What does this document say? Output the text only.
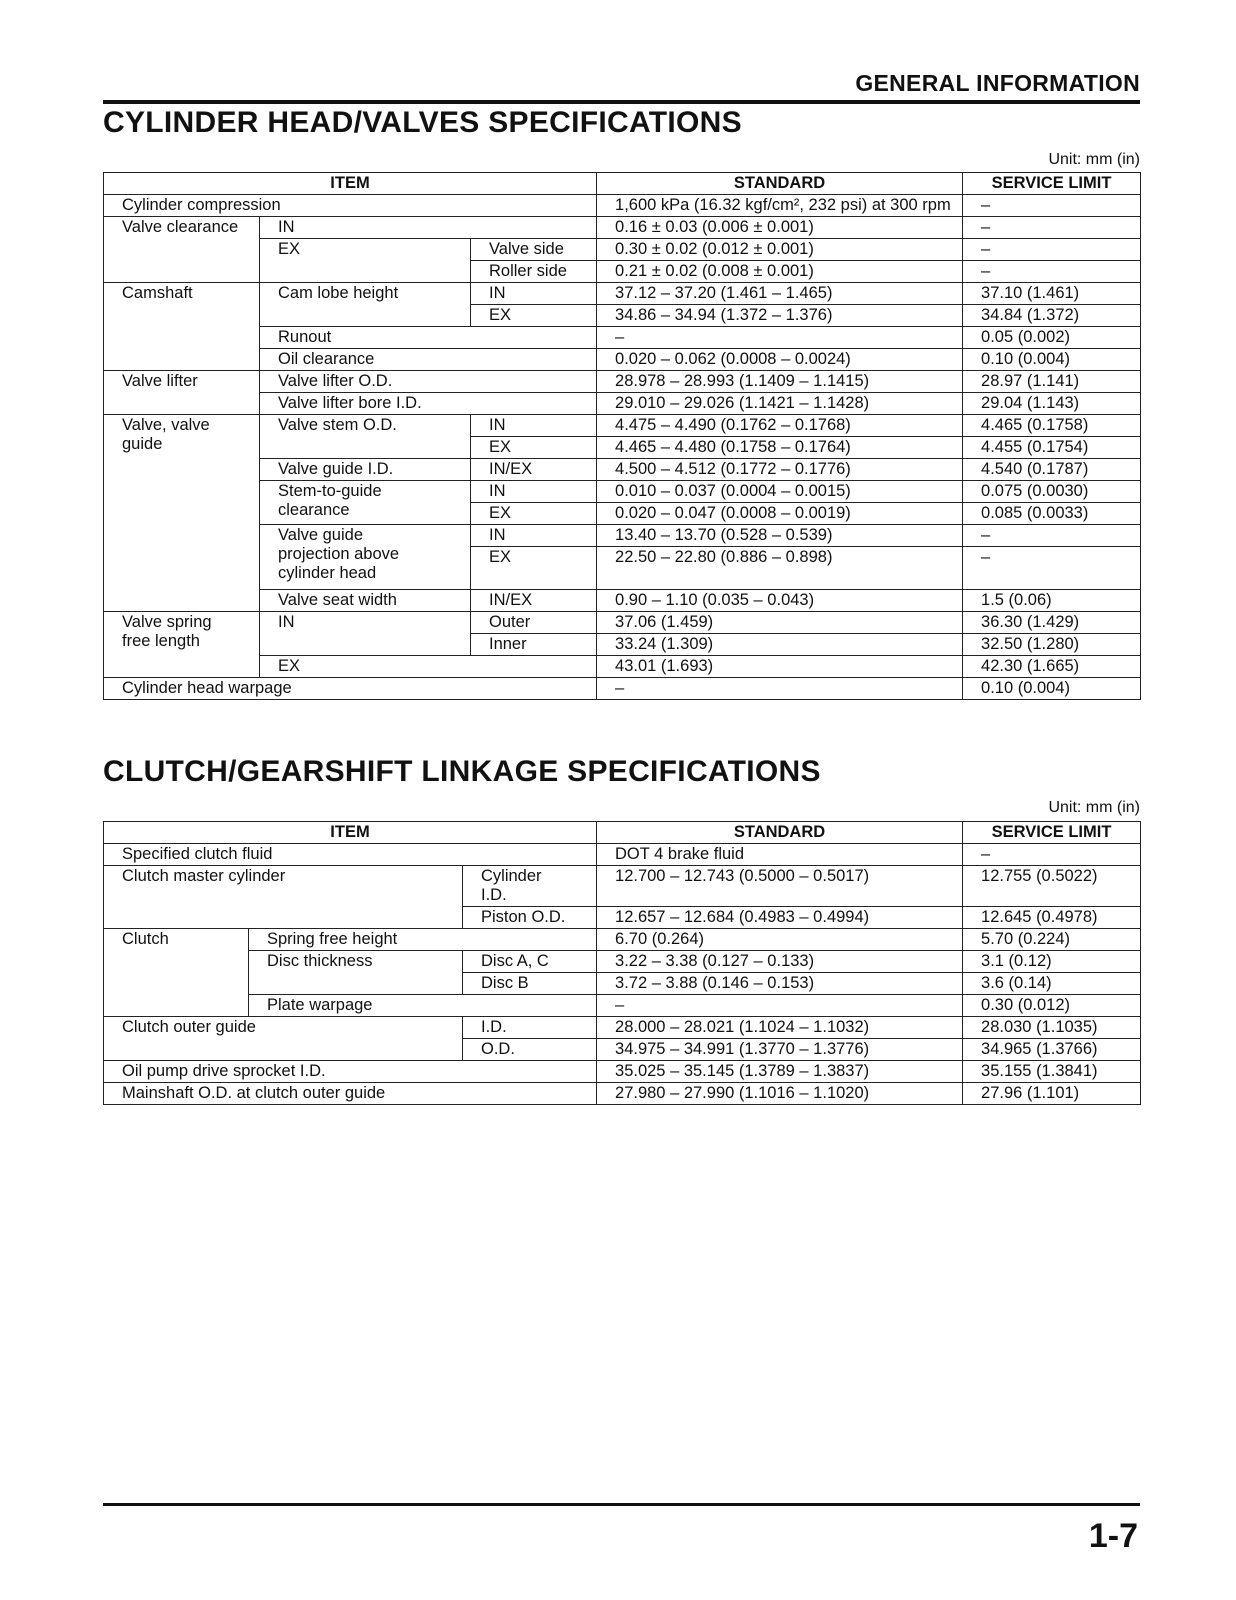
GENERAL INFORMATION
CYLINDER HEAD/VALVES SPECIFICATIONS
Unit: mm (in)
ITEM			STANDARD	SERVICE LIMIT
Cylinder compression			1,600 kPa (16.32 kgf/cm², 232 psi) at 300 rpm	–
Valve clearance	IN		0.16 ± 0.03 (0.006 ± 0.001)	–
	EX	Valve side	0.30 ± 0.02 (0.012 ± 0.001)	–
		Roller side	0.21 ± 0.02 (0.008 ± 0.001)	–
Camshaft	Cam lobe height	IN	37.12 – 37.20 (1.461 – 1.465)	37.10 (1.461)
		EX	34.86 – 34.94 (1.372 – 1.376)	34.84 (1.372)
	Runout		–	0.05 (0.002)
	Oil clearance		0.020 – 0.062 (0.0008 – 0.0024)	0.10 (0.004)
Valve lifter	Valve lifter O.D.		28.978 – 28.993 (1.1409 – 1.1415)	28.97 (1.141)
	Valve lifter bore I.D.		29.010 – 29.026 (1.1421 – 1.1428)	29.04 (1.143)
Valve, valve guide	Valve stem O.D.	IN	4.475 – 4.490 (0.1762 – 0.1768)	4.465 (0.1758)
		EX	4.465 – 4.480 (0.1758 – 0.1764)	4.455 (0.1754)
	Valve guide I.D.	IN/EX	4.500 – 4.512 (0.1772 – 0.1776)	4.540 (0.1787)
	Stem-to-guide clearance	IN	0.010 – 0.037 (0.0004 – 0.0015)	0.075 (0.0030)
		EX	0.020 – 0.047 (0.0008 – 0.0019)	0.085 (0.0033)
	Valve guide projection above cylinder head	IN	13.40 – 13.70 (0.528 – 0.539)	–
		EX	22.50 – 22.80 (0.886 – 0.898)	–
	Valve seat width	IN/EX	0.90 – 1.10 (0.035 – 0.043)	1.5 (0.06)
Valve spring free length	IN	Outer	37.06 (1.459)	36.30 (1.429)
		Inner	33.24 (1.309)	32.50 (1.280)
	EX		43.01 (1.693)	42.30 (1.665)
Cylinder head warpage			–	0.10 (0.004)
CLUTCH/GEARSHIFT LINKAGE SPECIFICATIONS
Unit: mm (in)
ITEM			STANDARD	SERVICE LIMIT
Specified clutch fluid			DOT 4 brake fluid	–
Clutch master cylinder		Cylinder I.D.	12.700 – 12.743 (0.5000 – 0.5017)	12.755 (0.5022)
		Piston O.D.	12.657 – 12.684 (0.4983 – 0.4994)	12.645 (0.4978)
Clutch	Spring free height		6.70 (0.264)	5.70 (0.224)
	Disc thickness	Disc A, C	3.22 – 3.38 (0.127 – 0.133)	3.1 (0.12)
		Disc B	3.72 – 3.88 (0.146 – 0.153)	3.6 (0.14)
	Plate warpage		–	0.30 (0.012)
Clutch outer guide		I.D.	28.000 – 28.021 (1.1024 – 1.1032)	28.030 (1.1035)
		O.D.	34.975 – 34.991 (1.3770 – 1.3776)	34.965 (1.3766)
Oil pump drive sprocket I.D.			35.025 – 35.145 (1.3789 – 1.3837)	35.155 (1.3841)
Mainshaft O.D. at clutch outer guide			27.980 – 27.990 (1.1016 – 1.1020)	27.96 (1.101)
1-7
